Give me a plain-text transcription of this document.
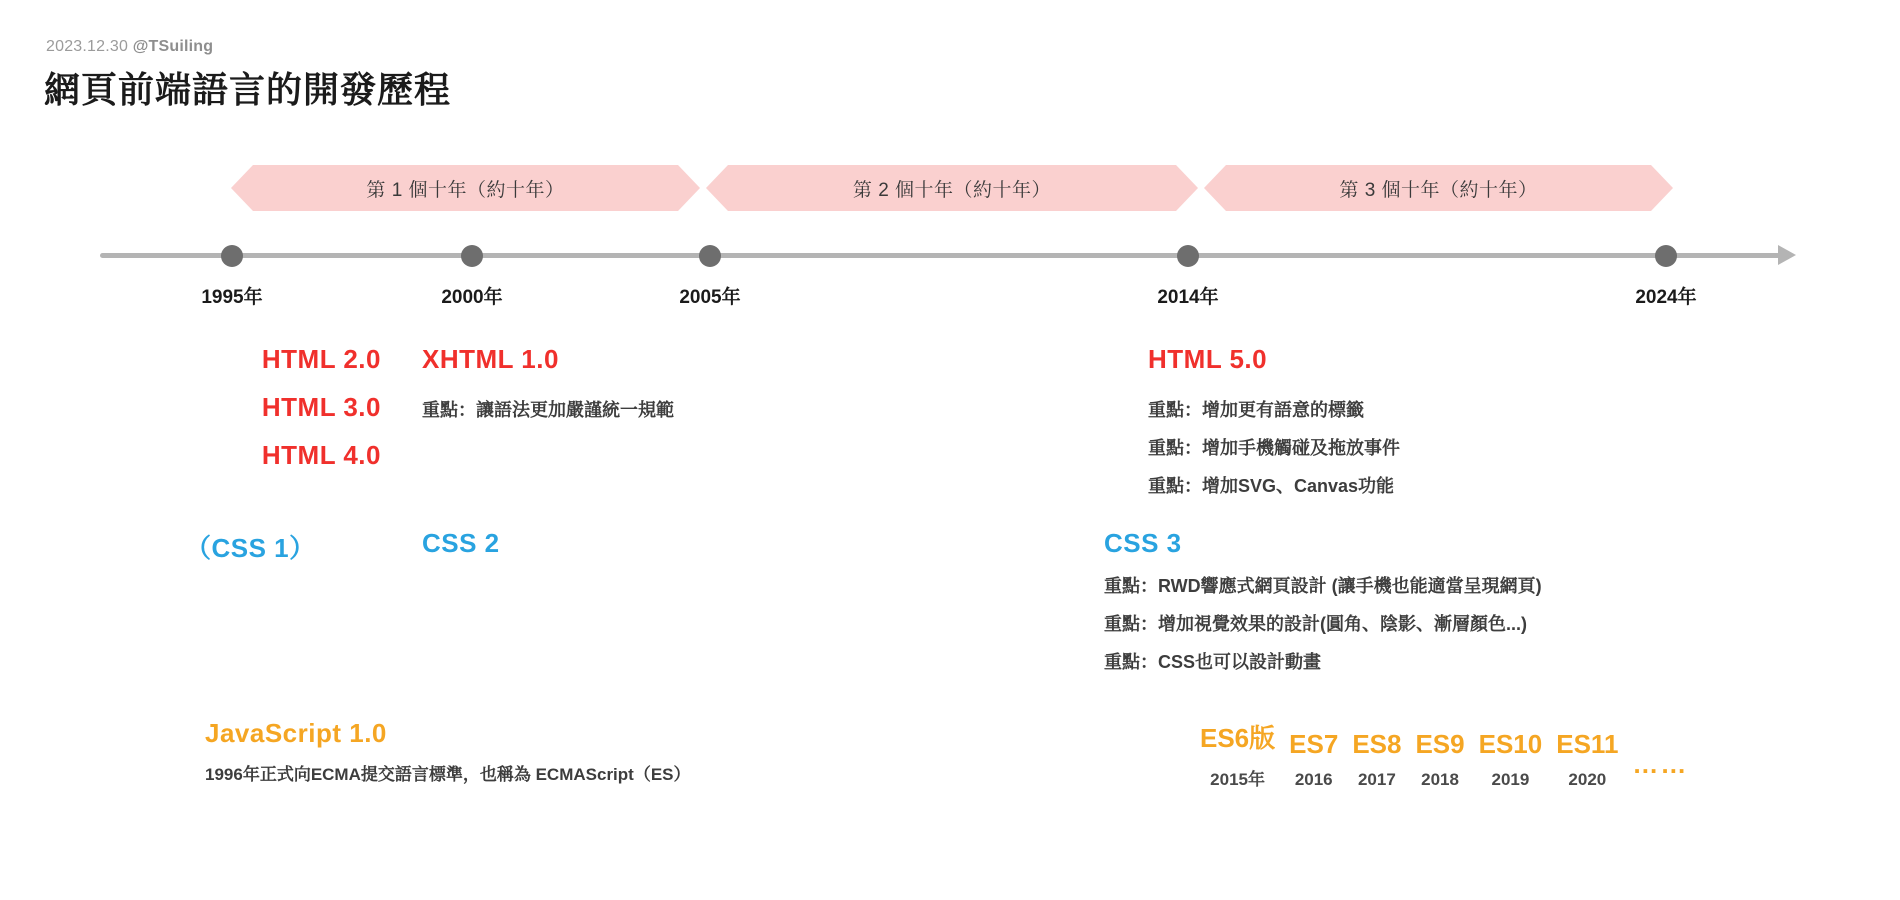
2023.12.30 @TSuiling
網頁前端語言的開發歷程
第 1 個十年（約十年）	第 2 個十年（約十年）	第 3 個十年（約十年）
1995年	2000年	2005年	2014年	2024年
HTML 2.0
HTML 3.0
HTML 4.0
XHTML 1.0
重點：讓語法更加嚴謹統一規範
HTML 5.0
重點：增加更有語意的標籤
重點：增加手機觸碰及拖放事件
重點：增加SVG、Canvas功能
（CSS 1）	CSS 2	CSS 3
重點：RWD響應式網頁設計 (讓手機也能適當呈現網頁)
重點：增加視覺效果的設計(圓角、陰影、漸層顏色...)
重點：CSS也可以設計動畫
JavaScript 1.0
1996年正式向ECMA提交語言標準，也稱為 ECMAScript（ES）
ES6版
2015年
ES7
2016
ES8
2017
ES9
2018
ES10
2019
ES11
2020
……
